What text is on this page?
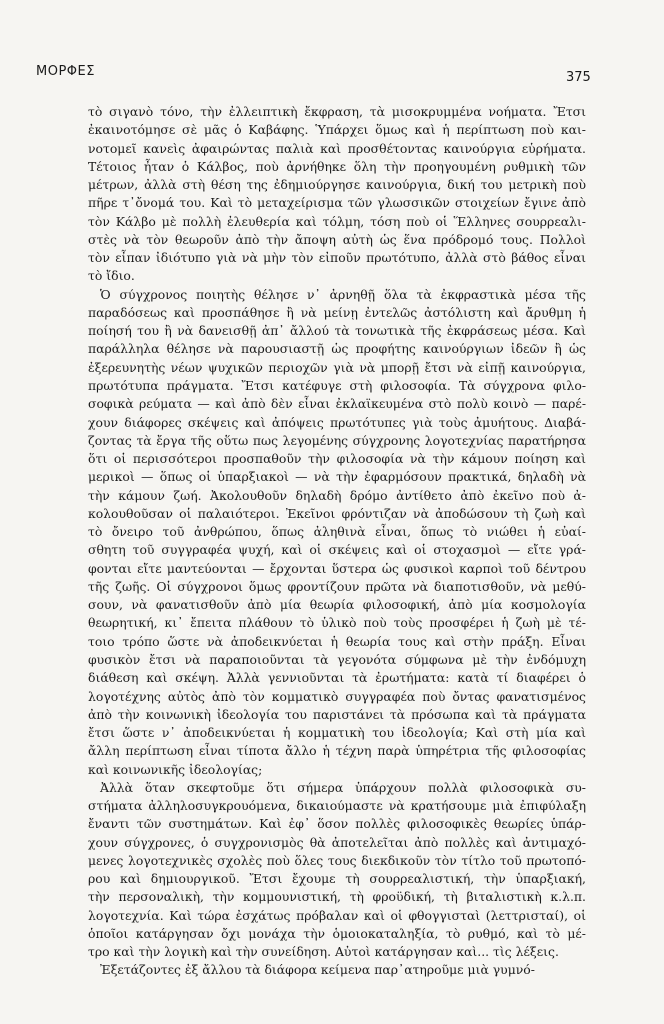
ΜΟΡΦΕΣ	375
τὸ σιγανὸ τόνο, τὴν ἐλλειπτικὴ ἔκφραση, τὰ μισοκρυμμένα νοήματα. Ἔτσι
ἐκαινοτόμησε σὲ μᾶς ὁ Καβάφης. Ὑπάρχει ὅμως καὶ ἡ περίπτωση ποὺ και-
νοτομεῖ κανεὶς ἀφαιρώντας παλιὰ καὶ προσθέτοντας καινούργια εὑρήματα.
Τέτοιος ἦταν ὁ Κάλβος, ποὺ ἀρνήθηκε ὅλη τὴν προηγουμένη ρυθμικὴ τῶν
μέτρων, ἀλλὰ στὴ θέση της ἐδημιούργησε καινούργια, δική του μετρικὴ ποὺ
πῆρε τ᾿ὄνομά του. Καὶ τὸ μεταχείρισμα τῶν γλωσσικῶν στοιχείων ἔγινε ἀπὸ
τὸν Κάλβο μὲ πολλὴ ἐλευθερία καὶ τόλμη, τόση ποὺ οἱ Ἕλληνες σουρρεαλι-
στὲς νὰ τὸν θεωροῦν ἀπὸ τὴν ἄποψη αὐτὴ ὡς ἕνα πρόδρομό τους. Πολλοὶ
τὸν εἶπαν ἰδιότυπο γιὰ νὰ μὴν τὸν εἰποῦν πρωτότυπο, ἀλλὰ στὸ βάθος εἶναι
τὸ ἴδιο.
Ὁ σύγχρονος ποιητὴς θέλησε ν᾿ ἀρνηθῇ ὅλα τὰ ἐκφραστικὰ μέσα τῆς
παραδόσεως καὶ προσπάθησε ἢ νὰ μείνῃ ἐντελῶς ἀστόλιστη καὶ ἄρυθμη ἡ
ποίησή του ἢ νὰ δανεισθῇ ἀπ᾿ ἄλλού τὰ τονωτικὰ τῆς ἐκφράσεως μέσα. Καὶ
παράλληλα θέλησε νὰ παρουσιαστῇ ὡς προφήτης καινούργιων ἰδεῶν ἢ ὡς
ἐξερευνητὴς νέων ψυχικῶν περιοχῶν γιὰ νὰ μπορῇ ἔτσι νὰ εἰπῇ καινούργια,
πρωτότυπα πράγματα. Ἔτσι κατέφυγε στὴ φιλοσοφία. Τὰ σύγχρονα φιλο-
σοφικὰ ρεύματα — καὶ ἀπὸ δὲν εἶναι ἐκλαϊκευμένα στὸ πολὺ κοινὸ — παρέ-
χουν διάφορες σκέψεις καὶ ἀπόψεις πρωτότυπες γιὰ τοὺς ἀμυήτους. Διαβά-
ζοντας τὰ ἔργα τῆς οὕτω πως λεγομένης σύγχρονης λογοτεχνίας παρατήρησα
ὅτι οἱ περισσότεροι προσπαθοῦν τὴν φιλοσοφία νὰ τὴν κάμουν ποίηση καὶ
μερικοὶ — ὅπως οἱ ὑπαρξιακοὶ — νὰ τὴν ἐφαρμόσουν πρακτικά, δηλαδὴ νὰ
τὴν κάμουν ζωή. Ἀκολουθοῦν δηλαδὴ δρόμο ἀντίθετο ἀπὸ ἐκεῖνο ποὺ ἀ-
κολουθοῦσαν οἱ παλαιότεροι. Ἐκεῖνοι φρόντιζαν νὰ ἀποδώσουν τὴ ζωὴ καὶ
τὸ ὄνειρο τοῦ ἀνθρώπου, ὅπως ἀληθινὰ εἶναι, ὅπως τὸ νιώθει ἡ εὐαί-
σθητη τοῦ συγγραφέα ψυχή, καὶ οἱ σκέψεις καὶ οἱ στοχασμοὶ — εἴτε γρά-
φονται εἴτε μαντεύονται — ἔρχονται ὕστερα ὡς φυσικοὶ καρποὶ τοῦ δέντρου
τῆς ζωῆς. Οἱ σύγχρονοι ὅμως φροντίζουν πρῶτα νὰ διαποτισθοῦν, νὰ μεθύ-
σουν, νὰ φανατισθοῦν ἀπὸ μία θεωρία φιλοσοφική, ἀπὸ μία κοσμολογία
θεωρητική, κι᾿ ἔπειτα πλάθουν τὸ ὑλικὸ ποὺ τοὺς προσφέρει ἡ ζωὴ μὲ τέ-
τοιο τρόπο ὥστε νὰ ἀποδεικνύεται ἡ θεωρία τους καὶ στὴν πράξη. Εἶναι
φυσικὸν ἔτσι νὰ παραποιοῦνται τὰ γεγονότα σύμφωνα μὲ τὴν ἐνδόμυχη
διάθεση καὶ σκέψη. Ἀλλὰ γεννιοῦνται τὰ ἐρωτήματα: κατὰ τί διαφέρει ὁ
λογοτέχνης αὐτὸς ἀπὸ τὸν κομματικὸ συγγραφέα ποὺ ὄντας φανατισμένος
ἀπὸ τὴν κοινωνικὴ ἰδεολογία του παριστάνει τὰ πρόσωπα καὶ τὰ πράγματα
ἔτσι ὥστε ν᾿ ἀποδεικνύεται ἡ κομματικὴ του ἰδεολογία; Καὶ στὴ μία καὶ
ἄλλη περίπτωση εἶναι τίποτα ἄλλο ἡ τέχνη παρὰ ὑπηρέτρια τῆς φιλοσοφίας
καὶ κοινωνικῆς ἰδεολογίας;
Ἀλλὰ ὅταν σκεφτοῦμε ὅτι σήμερα ὑπάρχουν πολλὰ φιλοσοφικὰ συ-
στήματα ἀλληλοσυγκρουόμενα, δικαιούμαστε νὰ κρατήσουμε μιὰ ἐπιφύλαξη
ἔναντι τῶν συστημάτων. Καὶ ἐφ᾿ ὅσον πολλὲς φιλοσοφικὲς θεωρίες ὑπάρ-
χουν σύγχρονες, ὁ συγχρονισμὸς θὰ ἀποτελεῖται ἀπὸ πολλὲς καὶ ἀντιμαχό-
μενες λογοτεχνικὲς σχολὲς ποὺ ὅλες τους διεκδικοῦν τὸν τίτλο τοῦ πρωτοπό-
ρου καὶ δημιουργικοῦ. Ἔτσι ἔχουμε τὴ σουρρεαλιστική, τὴν ὑπαρξιακή,
τὴν περσοναλικὴ, τὴν κομμουνιστική, τὴ φροϋδική, τὴ βιταλιστικὴ κ.λ.π.
λογοτεχνία. Καὶ τώρα ἐσχάτως πρόβαλαν καὶ οἱ φθογγισταὶ (λεττρισταί), οἱ
ὁποῖοι κατάργησαν ὄχι μονάχα τὴν ὁμοιοκαταληξία, τὸ ρυθμό, καὶ τὸ μέ-
τρο καὶ τὴν λογικὴ καὶ τὴν συνείδηση. Αὐτοὶ κατάργησαν καὶ... τὶς λέξεις.
Ἐξετάζοντες ἐξ ἄλλου τὰ διάφορα κείμενα παρ᾿ατηροῦμε μιὰ γυμνό-
